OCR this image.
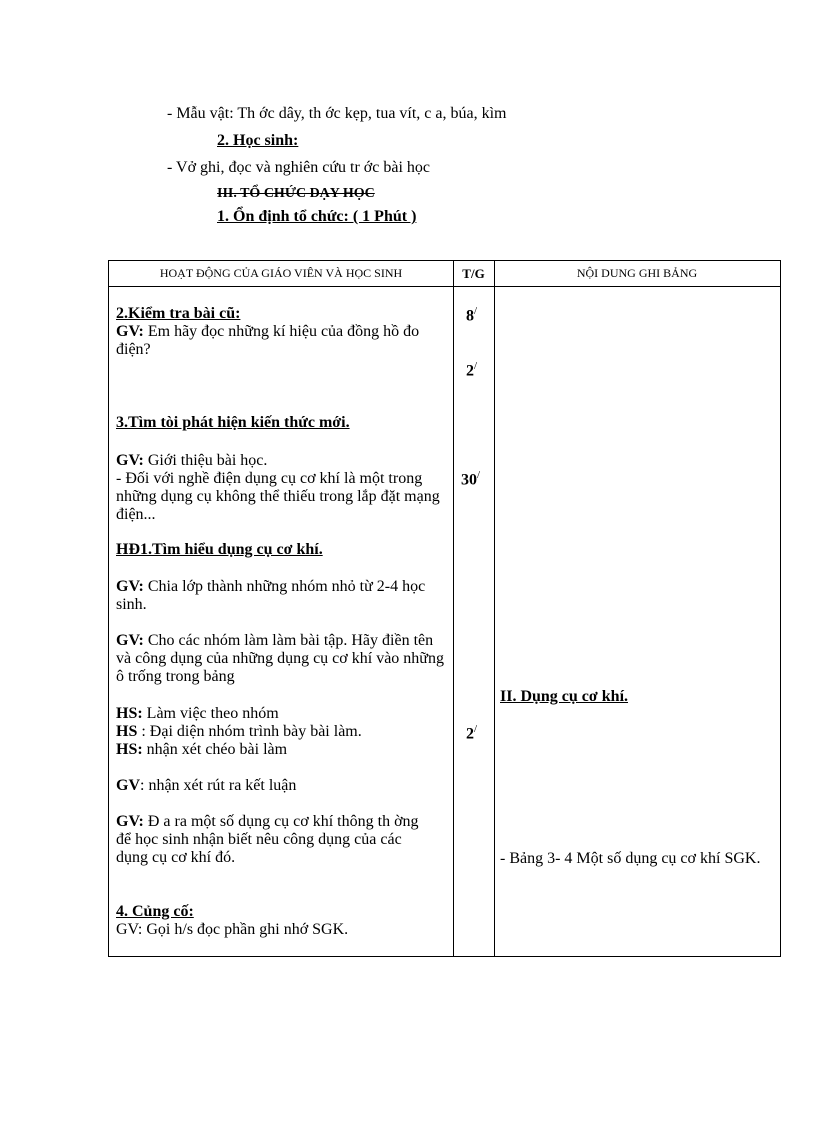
- Mẫu vật: Th ớc dây, th ớc kẹp, tua vít, c a, búa, kìm
2. Học sinh:
- Vở ghi, đọc và nghiên cứu tr ớc bài học
III. TỔ CHỨC DẠY HỌC
1. Ổn định tổ chức: ( 1 Phút )
HOẠT ĐỘNG CỦA GIÁO VIÊN VÀ HỌC SINH	T/G	NỘI DUNG GHI BẢNG
2.Kiểm tra bài cũ:
GV: Em hãy đọc những kí hiệu của đồng hồ đo điện?
3.Tìm tòi phát hiện kiến thức mới.
GV: Giới thiệu bài học.
- Đối với nghề điện dụng cụ cơ khí là một trong những dụng cụ không thể thiếu trong lắp đặt mạng điện...
HĐ1.Tìm hiểu dụng cụ cơ khí.
GV: Chia lớp thành những nhóm nhỏ từ 2-4 học sinh.
GV: Cho các nhóm làm làm bài tập. Hãy điền tên và công dụng của những dụng cụ cơ khí vào những ô trống trong bảng
HS: Làm việc theo nhóm
HS : Đại diện nhóm trình bày bài làm.
HS: nhận xét chéo bài làm
GV: nhận xét rút ra kết luận
GV: Đ a ra một số dụng cụ cơ khí thông th ờng để học sinh nhận biết nêu công dụng của các dụng cụ cơ khí đó.
4. Củng cố:
GV: Gọi h/s đọc phần ghi nhớ SGK.
8/
2/
30/
2/
II. Dụng cụ cơ khí.
- Bảng 3- 4 Một số dụng cụ cơ khí SGK.
